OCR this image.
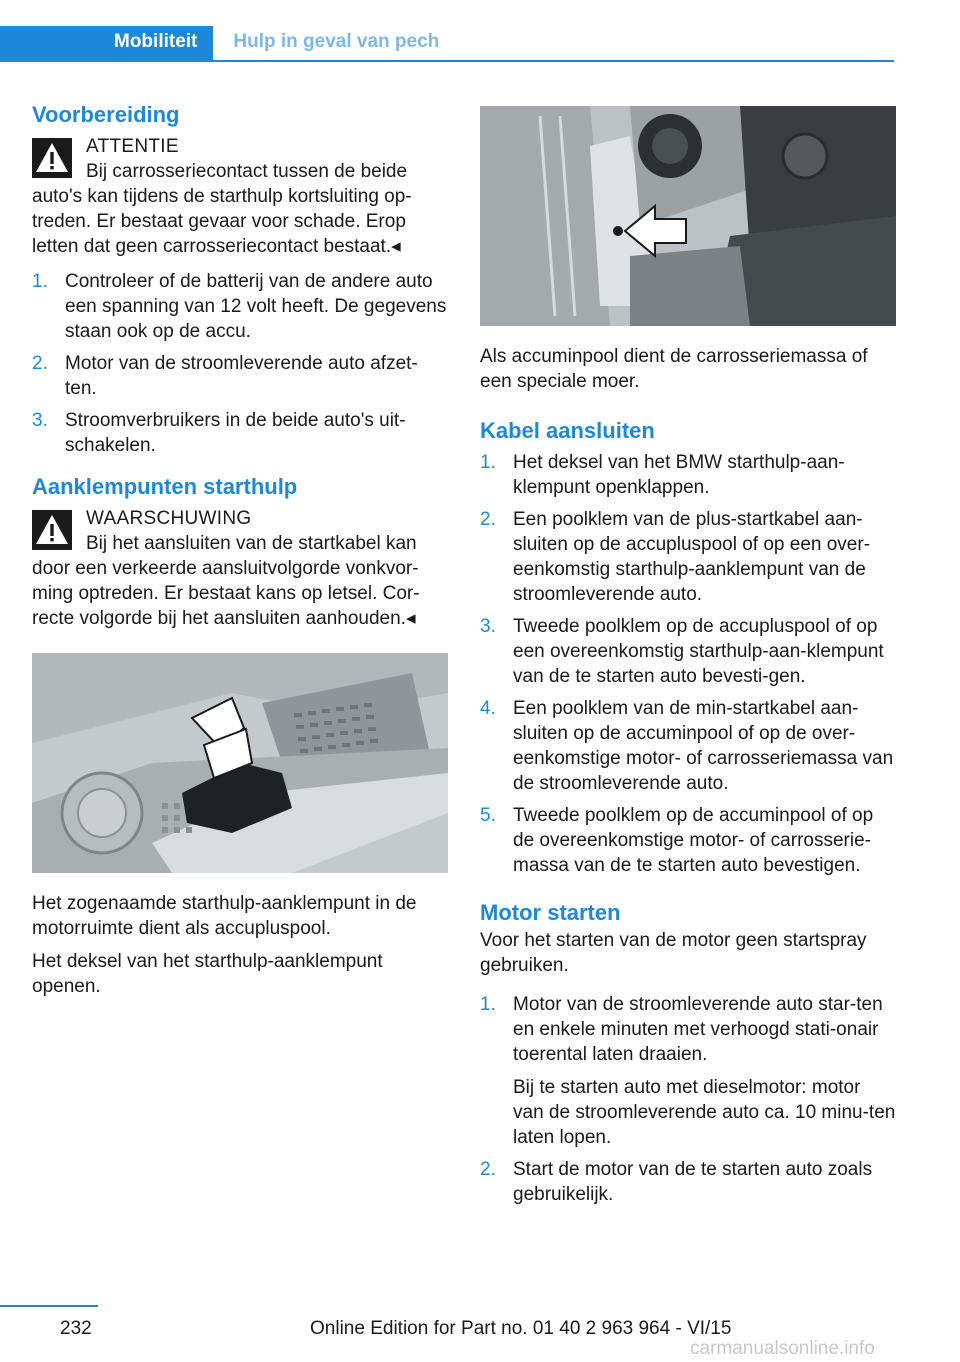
Mobiliteit	Hulp in geval van pech
Voorbereiding
ATTENTIE
Bij carrosseriecontact tussen de beide
auto's kan tijdens de starthulp kortsluiting op-treden. Er bestaat gevaar voor schade. Erop letten dat geen carrosseriecontact bestaat.◂
1. Controleer of de batterij van de andere auto een spanning van 12 volt heeft. De gegevens staan ook op de accu.
2. Motor van de stroomleverende auto afzet-ten.
3. Stroomverbruikers in de beide auto's uit-schakelen.
Aanklempunten starthulp
WAARSCHUWING
Bij het aansluiten van de startkabel kan
door een verkeerde aansluitvolgorde vonkvor-ming optreden. Er bestaat kans op letsel. Cor-recte volgorde bij het aansluiten aanhouden.◂

Het zogenaamde starthulp-aanklempunt in de motorruimte dient als accupluspool.

Het deksel van het starthulp-aanklempunt openen.

Als accuminpool dient de carrosseriemassa of een speciale moer.

Kabel aansluiten
1. Het deksel van het BMW starthulp-aan-klempunt openklappen.
2. Een poolklem van de plus-startkabel aan-sluiten op de accupluspool of op een over-eenkomstig starthulp-aanklempunt van de stroomleverende auto.
3. Tweede poolklem op de accupluspool of op een overeenkomstig starthulp-aan-klempunt van de te starten auto bevesti-gen.
4. Een poolklem van de min-startkabel aan-sluiten op de accuminpool of op de over-eenkomstige motor- of carrosseriemassa van de stroomleverende auto.
5. Tweede poolklem op de accuminpool of op de overeenkomstige motor- of carrosserie-massa van de te starten auto bevestigen.
Motor starten

Voor het starten van de motor geen startspray gebruiken.

1. Motor van de stroomleverende auto star-ten en enkele minuten met verhoogd stati-onair toerental laten draaien.
Bij te starten auto met dieselmotor: motor van de stroomleverende auto ca. 10 minu-ten laten lopen.
2. Start de motor van de te starten auto zoals gebruikelijk.
232	Online Edition for Part no. 01 40 2 963 964 - VI/15
carmanualsonline.info
